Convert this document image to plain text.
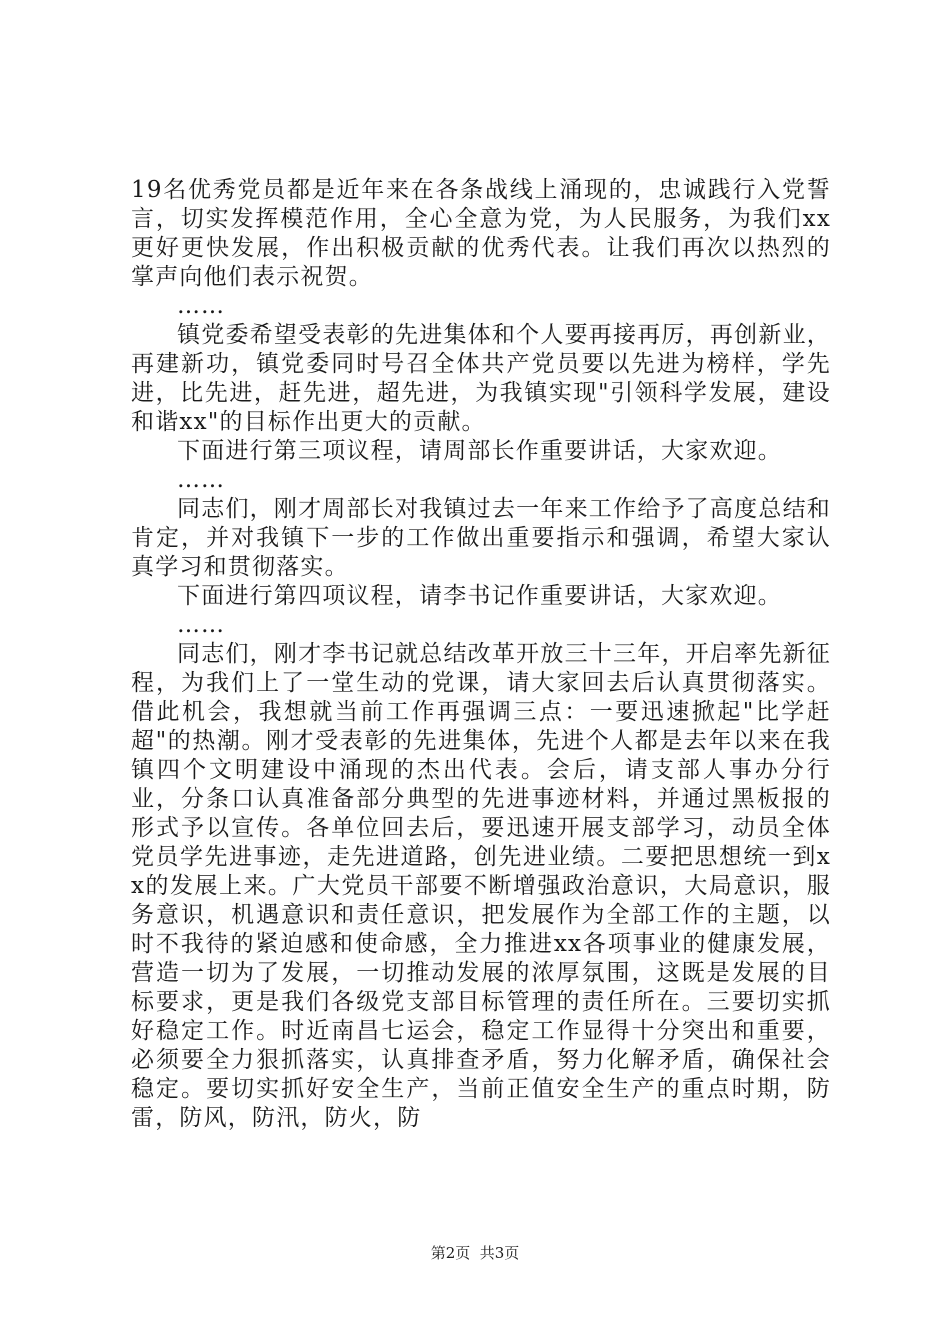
19名优秀党员都是近年来在各条战线上涌现的，忠诚践行入党誓言，切实发挥模范作用，全心全意为党，为人民服务，为我们xx更好更快发展，作出积极贡献的优秀代表。让我们再次以热烈的掌声向他们表示祝贺。

……

镇党委希望受表彰的先进集体和个人要再接再厉，再创新业，再建新功，镇党委同时号召全体共产党员要以先进为榜样，学先进，比先进，赶先进，超先进，为我镇实现"引领科学发展，建设和谐xx"的目标作出更大的贡献。

下面进行第三项议程，请周部长作重要讲话，大家欢迎。

……

同志们，刚才周部长对我镇过去一年来工作给予了高度总结和肯定，并对我镇下一步的工作做出重要指示和强调，希望大家认真学习和贯彻落实。

下面进行第四项议程，请李书记作重要讲话，大家欢迎。

……

同志们，刚才李书记就总结改革开放三十三年，开启率先新征程，为我们上了一堂生动的党课，请大家回去后认真贯彻落实。借此机会，我想就当前工作再强调三点：一要迅速掀起"比学赶超"的热潮。刚才受表彰的先进集体，先进个人都是去年以来在我镇四个文明建设中涌现的杰出代表。会后，请支部人事办分行业，分条口认真准备部分典型的先进事迹材料，并通过黑板报的形式予以宣传。各单位回去后，要迅速开展支部学习，动员全体党员学先进事迹，走先进道路，创先进业绩。二要把思想统一到xx的发展上来。广大党员干部要不断增强政治意识，大局意识，服务意识，机遇意识和责任意识，把发展作为全部工作的主题，以时不我待的紧迫感和使命感，全力推进xx各项事业的健康发展，营造一切为了发展，一切推动发展的浓厚氛围，这既是发展的目标要求，更是我们各级党支部目标管理的责任所在。三要切实抓好稳定工作。时近南昌七运会，稳定工作显得十分突出和重要，必须要全力狠抓落实，认真排查矛盾，努力化解矛盾，确保社会稳定。要切实抓好安全生产，当前正值安全生产的重点时期，防雷，防风，防汛，防火，防

第2页  共3页
